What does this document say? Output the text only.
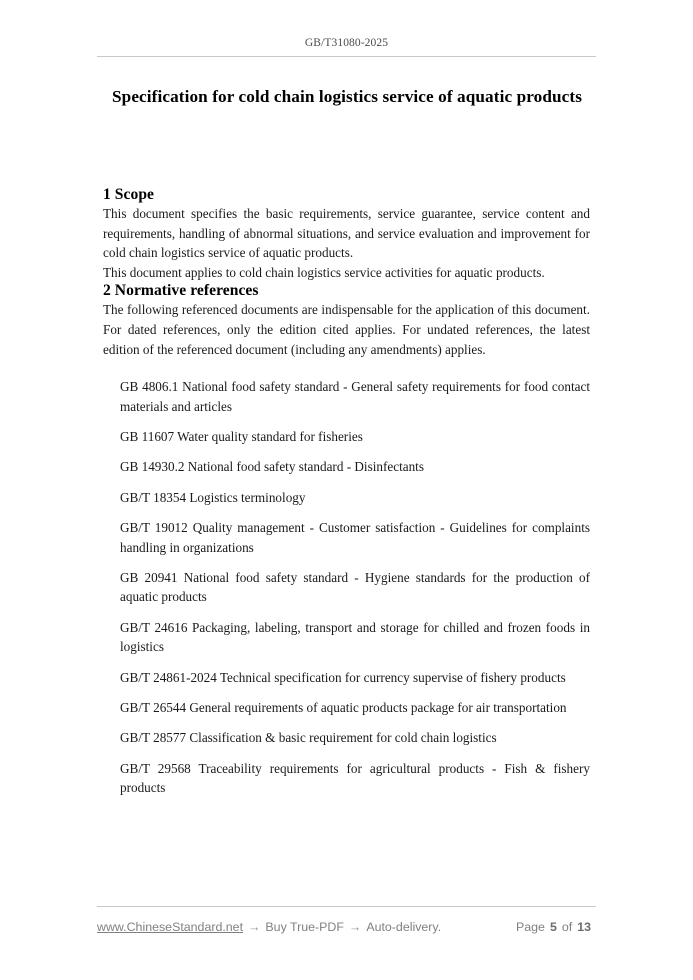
GB/T31080-2025
Specification for cold chain logistics service of aquatic products
1 Scope

This document specifies the basic requirements, service guarantee, service content and requirements, handling of abnormal situations, and service evaluation and improvement for cold chain logistics service of aquatic products.

This document applies to cold chain logistics service activities for aquatic products.

2 Normative references

The following referenced documents are indispensable for the application of this document. For dated references, only the edition cited applies. For undated references, the latest edition of the referenced document (including any amendments) applies.

GB 4806.1 National food safety standard - General safety requirements for food contact materials and articles
GB 11607 Water quality standard for fisheries
GB 14930.2 National food safety standard - Disinfectants
GB/T 18354 Logistics terminology
GB/T 19012 Quality management - Customer satisfaction - Guidelines for complaints handling in organizations
GB 20941 National food safety standard - Hygiene standards for the production of aquatic products
GB/T 24616 Packaging, labeling, transport and storage for chilled and frozen foods in logistics
GB/T 24861-2024 Technical specification for currency supervise of fishery products
GB/T 26544 General requirements of aquatic products package for air transportation
GB/T 28577 Classification & basic requirement for cold chain logistics
GB/T 29568 Traceability requirements for agricultural products - Fish & fishery products
www.ChineseStandard.net → Buy True-PDF → Auto-delivery.	Page 5 of 13
